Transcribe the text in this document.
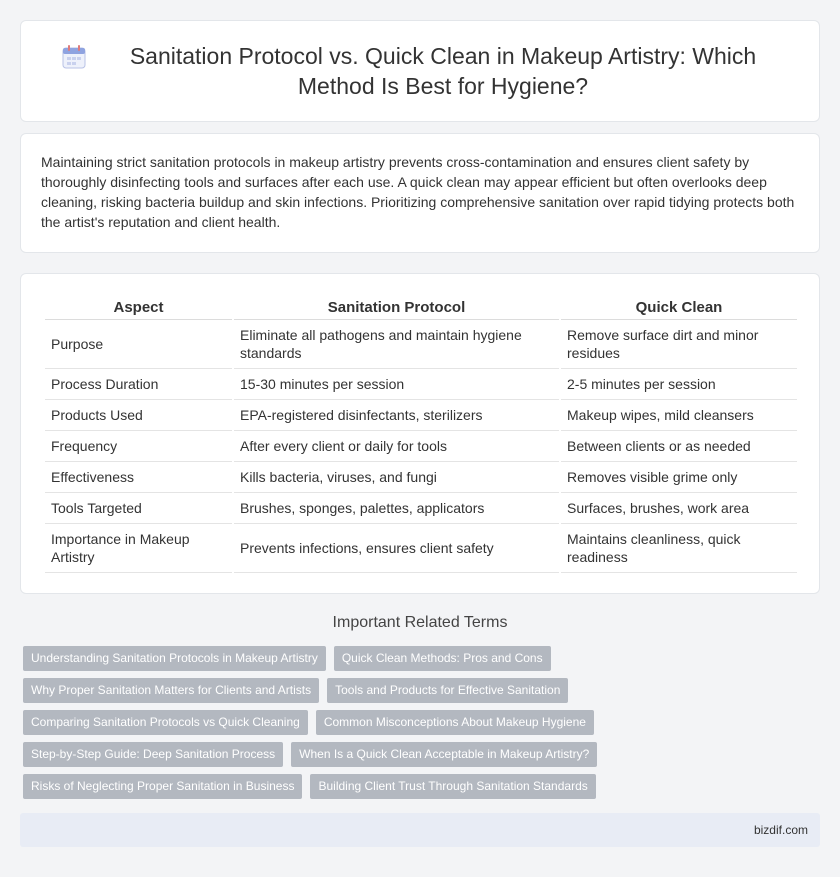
Sanitation Protocol vs. Quick Clean in Makeup Artistry: Which Method Is Best for Hygiene?

Maintaining strict sanitation protocols in makeup artistry prevents cross-contamination and ensures client safety by thoroughly disinfecting tools and surfaces after each use. A quick clean may appear efficient but often overlooks deep cleaning, risking bacteria buildup and skin infections. Prioritizing comprehensive sanitation over rapid tidying protects both the artist's reputation and client health.

Aspect	Sanitation Protocol	Quick Clean
Purpose	Eliminate all pathogens and maintain hygiene standards	Remove surface dirt and minor residues
Process Duration	15-30 minutes per session	2-5 minutes per session
Products Used	EPA-registered disinfectants, sterilizers	Makeup wipes, mild cleansers
Frequency	After every client or daily for tools	Between clients or as needed
Effectiveness	Kills bacteria, viruses, and fungi	Removes visible grime only
Tools Targeted	Brushes, sponges, palettes, applicators	Surfaces, brushes, work area
Importance in Makeup Artistry	Prevents infections, ensures client safety	Maintains cleanliness, quick readiness
Important Related Terms
Understanding Sanitation Protocols in Makeup Artistry	Quick Clean Methods: Pros and Cons
Why Proper Sanitation Matters for Clients and Artists	Tools and Products for Effective Sanitation
Comparing Sanitation Protocols vs Quick Cleaning	Common Misconceptions About Makeup Hygiene
Step-by-Step Guide: Deep Sanitation Process	When Is a Quick Clean Acceptable in Makeup Artistry?
Risks of Neglecting Proper Sanitation in Business	Building Client Trust Through Sanitation Standards
bizdif.com
